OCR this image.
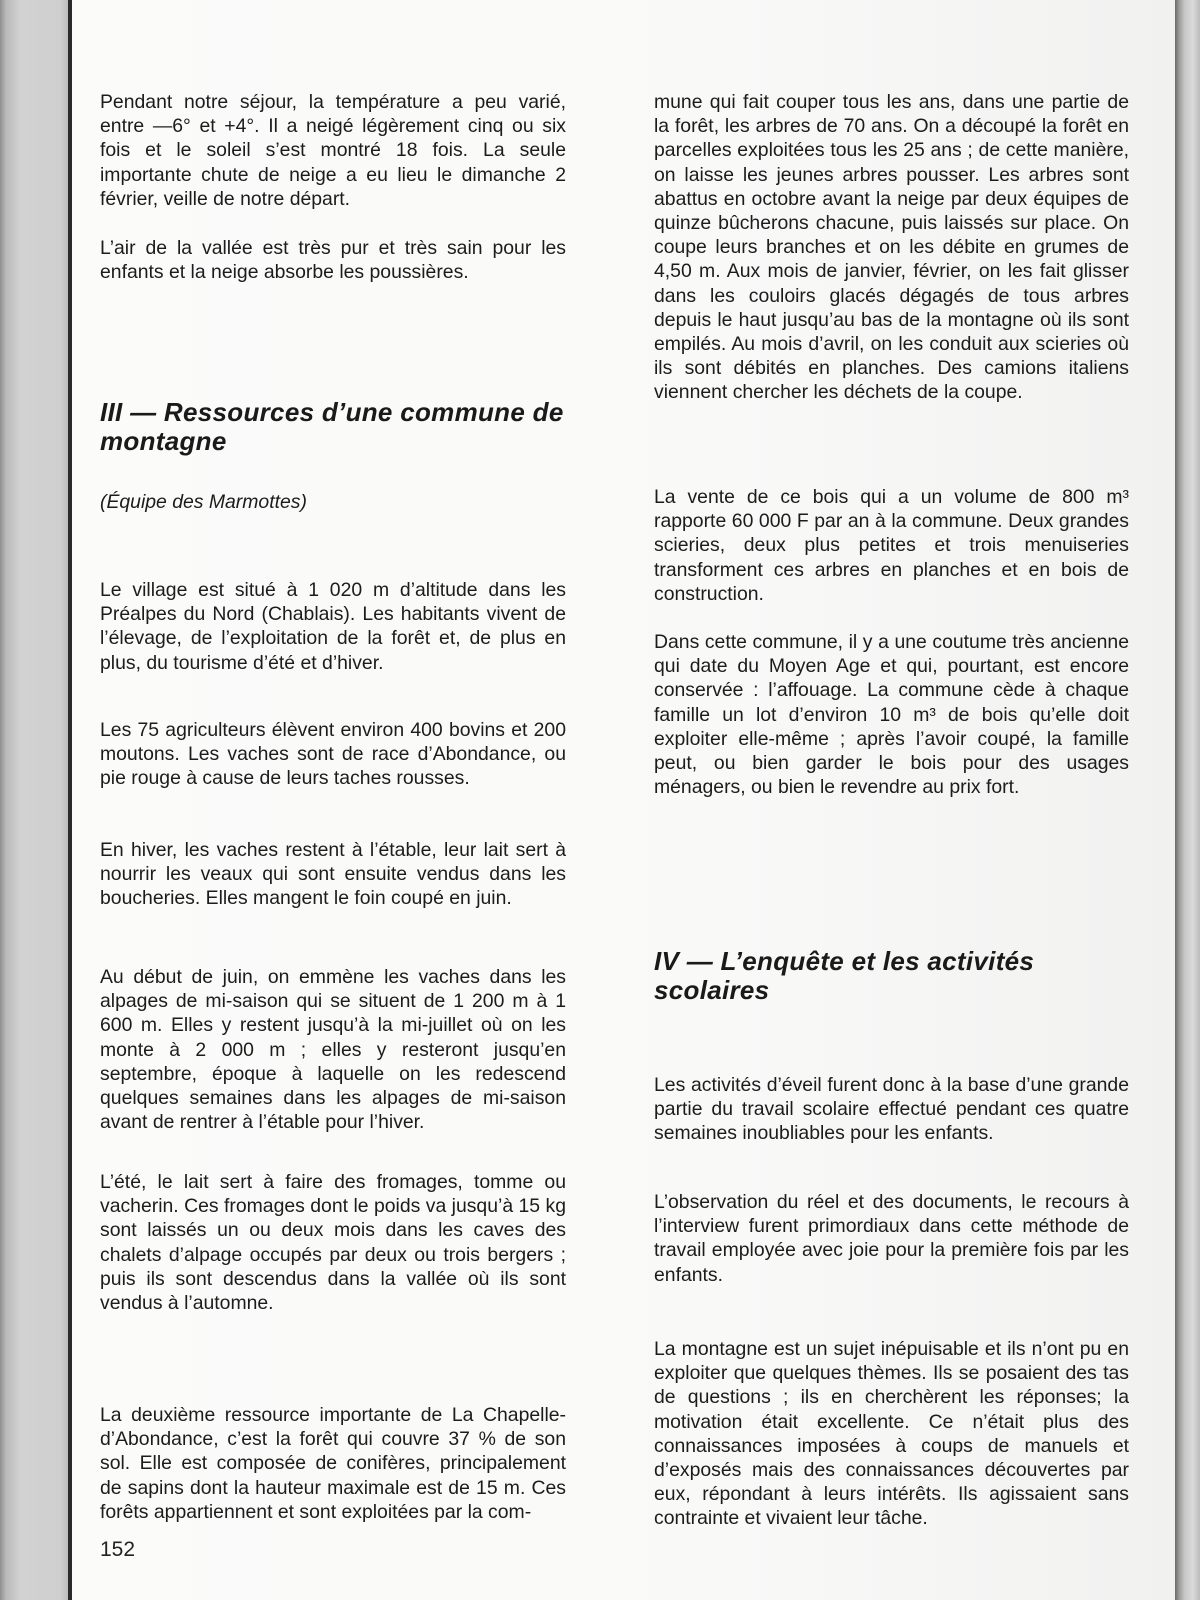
Pendant notre séjour, la température a peu varié, entre —6° et +4°. Il a neigé légèrement cinq ou six fois et le soleil s’est montré 18 fois. La seule importante chute de neige a eu lieu le dimanche 2 février, veille de notre départ.

L’air de la vallée est très pur et très sain pour les enfants et la neige absorbe les poussières.

III — Ressources d’une commune de montagne

(Équipe des Marmottes)

Le village est situé à 1 020 m d’altitude dans les Préalpes du Nord (Chablais). Les habitants vivent de l’élevage, de l’exploitation de la forêt et, de plus en plus, du tourisme d’été et d’hiver.

Les 75 agriculteurs élèvent environ 400 bovins et 200 moutons. Les vaches sont de race d’Abondance, ou pie rouge à cause de leurs taches rousses.

En hiver, les vaches restent à l’étable, leur lait sert à nourrir les veaux qui sont ensuite vendus dans les boucheries. Elles mangent le foin coupé en juin.

Au début de juin, on emmène les vaches dans les alpages de mi-saison qui se situent de 1 200 m à 1 600 m. Elles y restent jusqu’à la mi-juillet où on les monte à 2 000 m ; elles y resteront jusqu’en septembre, époque à laquelle on les redescend quelques semaines dans les alpages de mi-saison avant de rentrer à l’étable pour l’hiver.

L’été, le lait sert à faire des fromages, tomme ou vacherin. Ces fromages dont le poids va jusqu’à 15 kg sont laissés un ou deux mois dans les caves des chalets d’alpage occupés par deux ou trois bergers ; puis ils sont descendus dans la vallée où ils sont vendus à l’automne.

La deuxième ressource importante de La Chapelle-d’Abondance, c’est la forêt qui couvre 37 % de son sol. Elle est composée de conifères, principalement de sapins dont la hauteur maximale est de 15 m. Ces forêts appartiennent et sont exploitées par la com-

mune qui fait couper tous les ans, dans une partie de la forêt, les arbres de 70 ans. On a découpé la forêt en parcelles exploitées tous les 25 ans ; de cette manière, on laisse les jeunes arbres pousser. Les arbres sont abattus en octobre avant la neige par deux équipes de quinze bûcherons chacune, puis laissés sur place. On coupe leurs branches et on les débite en grumes de 4,50 m. Aux mois de janvier, février, on les fait glisser dans les couloirs glacés dégagés de tous arbres depuis le haut jusqu’au bas de la montagne où ils sont empilés. Au mois d’avril, on les conduit aux scieries où ils sont débités en planches. Des camions italiens viennent chercher les déchets de la coupe.

La vente de ce bois qui a un volume de 800 m³ rapporte 60 000 F par an à la commune. Deux grandes scieries, deux plus petites et trois menuiseries transforment ces arbres en planches et en bois de construction.

Dans cette commune, il y a une coutume très ancienne qui date du Moyen Age et qui, pourtant, est encore conservée : l’affouage. La commune cède à chaque famille un lot d’environ 10 m³ de bois qu’elle doit exploiter elle-même ; après l’avoir coupé, la famille peut, ou bien garder le bois pour des usages ménagers, ou bien le revendre au prix fort.

IV — L’enquête et les activités scolaires

Les activités d’éveil furent donc à la base d’une grande partie du travail scolaire effectué pendant ces quatre semaines inoubliables pour les enfants.

L’observation du réel et des documents, le recours à l’interview furent primordiaux dans cette méthode de travail employée avec joie pour la première fois par les enfants.

La montagne est un sujet inépuisable et ils n’ont pu en exploiter que quelques thèmes. Ils se posaient des tas de questions ; ils en cherchèrent les réponses; la motivation était excellente. Ce n’était plus des connaissances imposées à coups de manuels et d’exposés mais des connaissances découvertes par eux, répondant à leurs intérêts. Ils agissaient sans contrainte et vivaient leur tâche.

152
